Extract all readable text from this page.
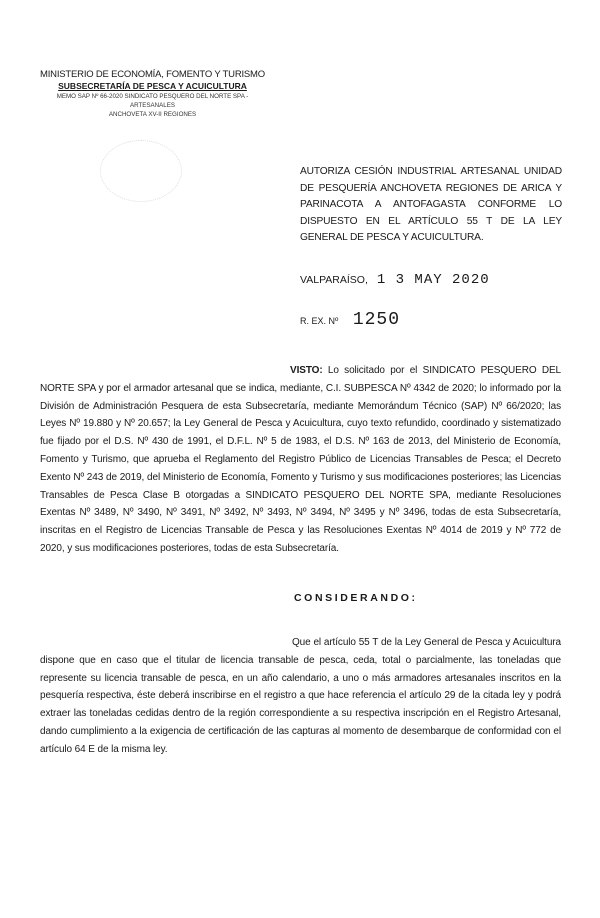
MINISTERIO DE ECONOMÍA, FOMENTO Y TURISMO
SUBSECRETARÍA DE PESCA Y ACUICULTURA
MEMO SAP Nº 66-2020 SINDICATO PESQUERO DEL NORTE SPA -
ARTESANALES
ANCHOVETA XV-II REGIONES
AUTORIZA CESIÓN INDUSTRIAL ARTESANAL UNIDAD DE PESQUERÍA ANCHOVETA REGIONES DE ARICA Y PARINACOTA A ANTOFAGASTA CONFORME LO DISPUESTO EN EL ARTÍCULO 55 T DE LA LEY GENERAL DE PESCA Y ACUICULTURA.
VALPARAÍSO, 1 3 MAY 2020
R. EX. Nº 1250
VISTO: Lo solicitado por el SINDICATO PESQUERO DEL NORTE SPA y por el armador artesanal que se indica, mediante, C.I. SUBPESCA Nº 4342 de 2020; lo informado por la División de Administración Pesquera de esta Subsecretaría, mediante Memorándum Técnico (SAP) Nº 66/2020; las Leyes Nº 19.880 y Nº 20.657; la Ley General de Pesca y Acuicultura, cuyo texto refundido, coordinado y sistematizado fue fijado por el D.S. Nº 430 de 1991, el D.F.L. Nº 5 de 1983, el D.S. Nº 163 de 2013, del Ministerio de Economía, Fomento y Turismo, que aprueba el Reglamento del Registro Público de Licencias Transables de Pesca; el Decreto Exento Nº 243 de 2019, del Ministerio de Economía, Fomento y Turismo y sus modificaciones posteriores; las Licencias Transables de Pesca Clase B otorgadas a SINDICATO PESQUERO DEL NORTE SPA, mediante Resoluciones Exentas Nº 3489, Nº 3490, Nº 3491, Nº 3492, Nº 3493, Nº 3494, Nº 3495 y Nº 3496, todas de esta Subsecretaría, inscritas en el Registro de Licencias Transable de Pesca y las Resoluciones Exentas Nº 4014 de 2019 y Nº 772 de 2020, y sus modificaciones posteriores, todas de esta Subsecretaría.
CONSIDERANDO:
Que el artículo 55 T de la Ley General de Pesca y Acuicultura dispone que en caso que el titular de licencia transable de pesca, ceda, total o parcialmente, las toneladas que represente su licencia transable de pesca, en un año calendario, a uno o más armadores artesanales inscritos en la pesquería respectiva, éste deberá inscribirse en el registro a que hace referencia el artículo 29 de la citada ley y podrá extraer las toneladas cedidas dentro de la región correspondiente a su respectiva inscripción en el Registro Artesanal, dando cumplimiento a la exigencia de certificación de las capturas al momento de desembarque de conformidad con el artículo 64 E de la misma ley.
